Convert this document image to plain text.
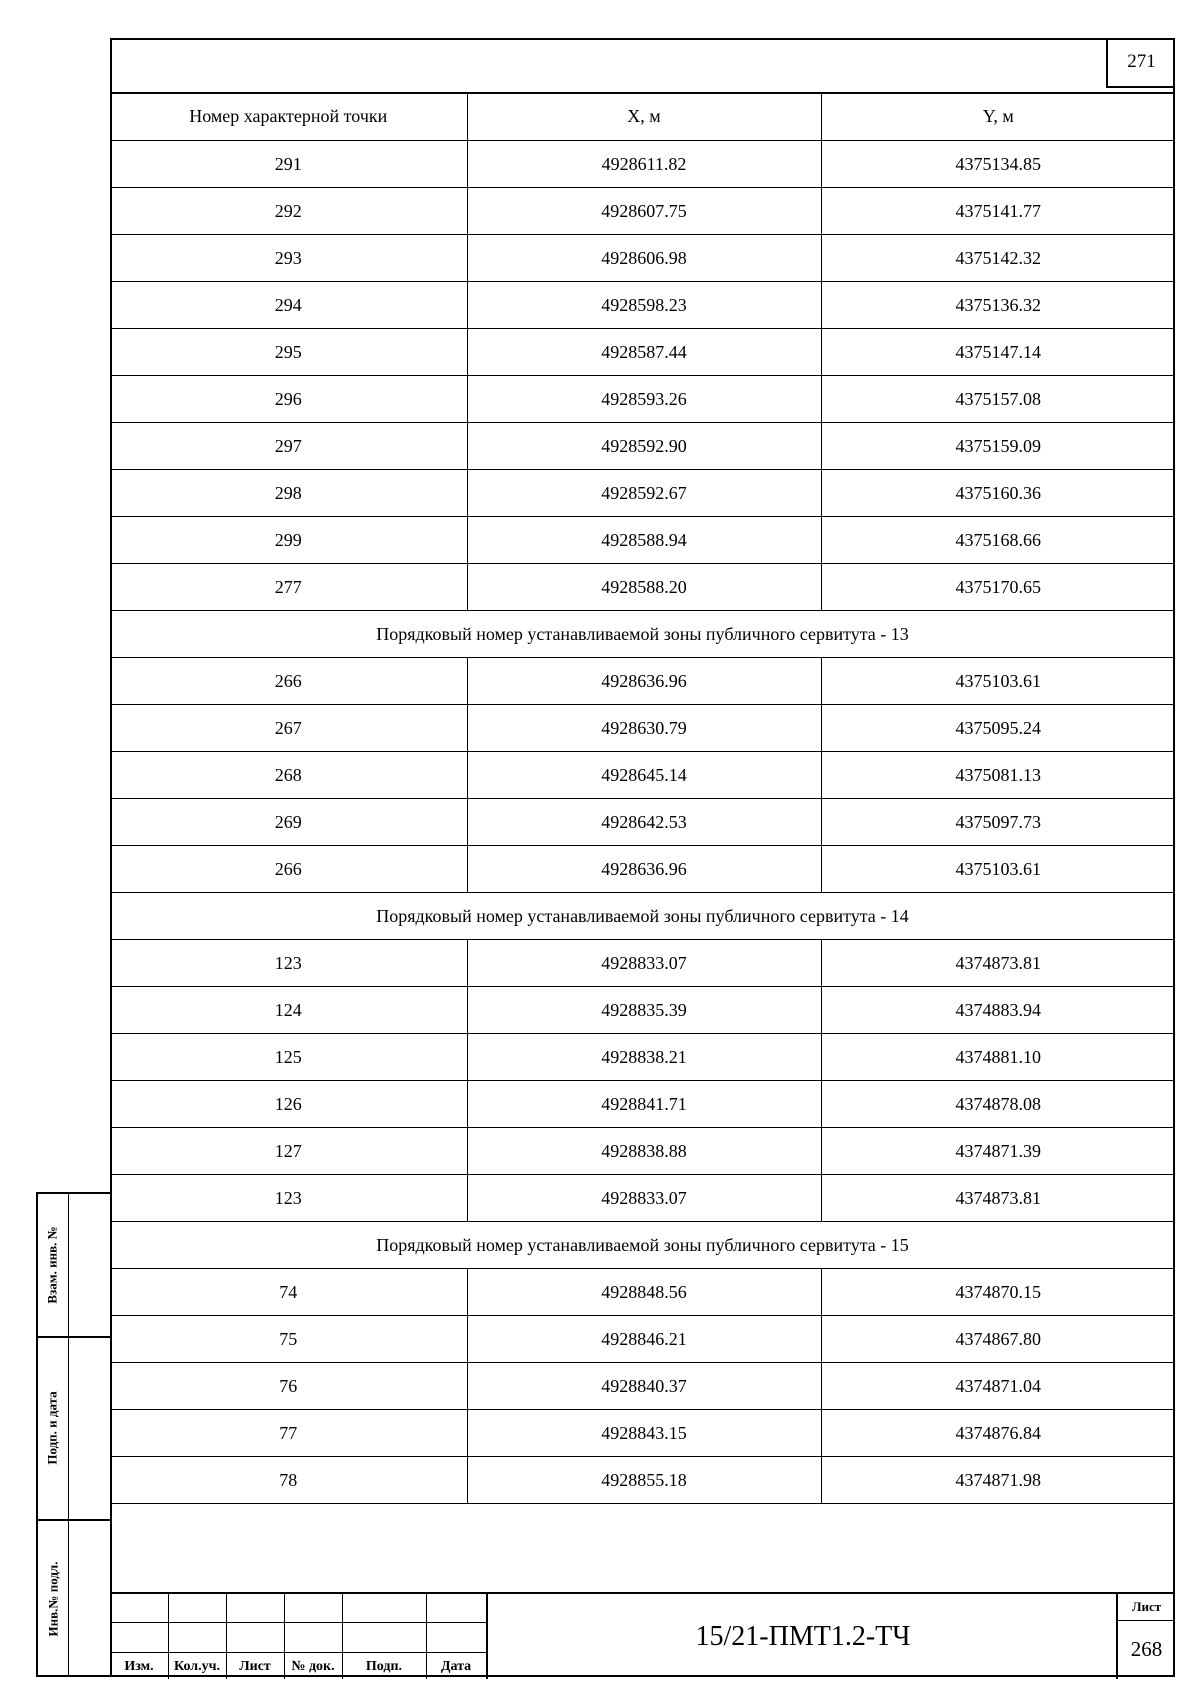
271
Номер характерной точки	X, м	Y, м
291	4928611.82	4375134.85
292	4928607.75	4375141.77
293	4928606.98	4375142.32
294	4928598.23	4375136.32
295	4928587.44	4375147.14
296	4928593.26	4375157.08
297	4928592.90	4375159.09
298	4928592.67	4375160.36
299	4928588.94	4375168.66
277	4928588.20	4375170.65
Порядковый номер устанавливаемой зоны публичного сервитута - 13		
266	4928636.96	4375103.61
267	4928630.79	4375095.24
268	4928645.14	4375081.13
269	4928642.53	4375097.73
266	4928636.96	4375103.61
Порядковый номер устанавливаемой зоны публичного сервитута - 14		
123	4928833.07	4374873.81
124	4928835.39	4374883.94
125	4928838.21	4374881.10
126	4928841.71	4374878.08
127	4928838.88	4374871.39
123	4928833.07	4374873.81
Порядковый номер устанавливаемой зоны публичного сервитута - 15		
74	4928848.56	4374870.15
75	4928846.21	4374867.80
76	4928840.37	4374871.04
77	4928843.15	4374876.84
78	4928855.18	4374871.98
Взам. инв. №
Подп. и дата
Инв.№ подл.
Изм.	Кол.уч.	Лист	№ док.	Подп.	Дата
15/21-ПМТ1.2-ТЧ
Лист
268
